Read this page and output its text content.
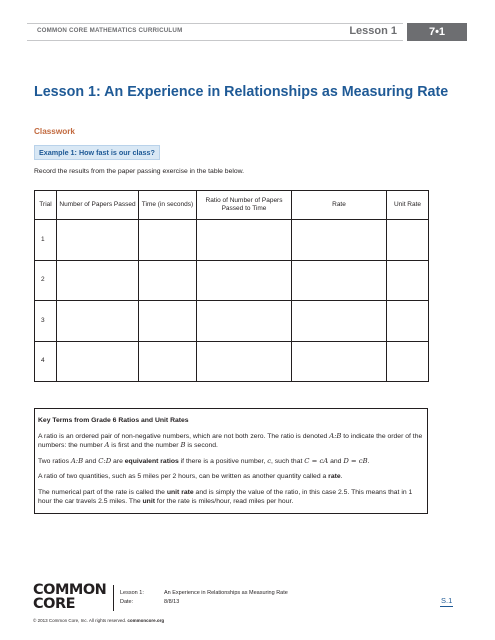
COMMON CORE MATHEMATICS CURRICULUM	Lesson 1	7•1
Lesson 1: An Experience in Relationships as Measuring Rate
Classwork
Example 1: How fast is our class?
Record the results from the paper passing exercise in the table below.
Trial	Number of Papers Passed	Time (in seconds)	Ratio of Number of Papers Passed to Time	Rate	Unit Rate
1					
2					
3					
4					
Key Terms from Grade 6 Ratios and Unit Rates

A ratio is an ordered pair of non-negative numbers, which are not both zero. The ratio is denoted A:B to indicate the order of the numbers: the number A is first and the number B is second.

Two ratios A:B and C:D are equivalent ratios if there is a positive number, c, such that C = cA and D = cB.

A ratio of two quantities, such as 5 miles per 2 hours, can be written as another quantity called a rate.

The numerical part of the rate is called the unit rate and is simply the value of the ratio, in this case 2.5. This means that in 1 hour the car travels 2.5 miles. The unit for the rate is miles/hour, read miles per hour.

COMMON
CORE
Lesson 1:
Date:
An Experience in Relationships as Measuring Rate
8/8/13	S.1
© 2013 Common Core, Inc. All rights reserved. commoncore.org
